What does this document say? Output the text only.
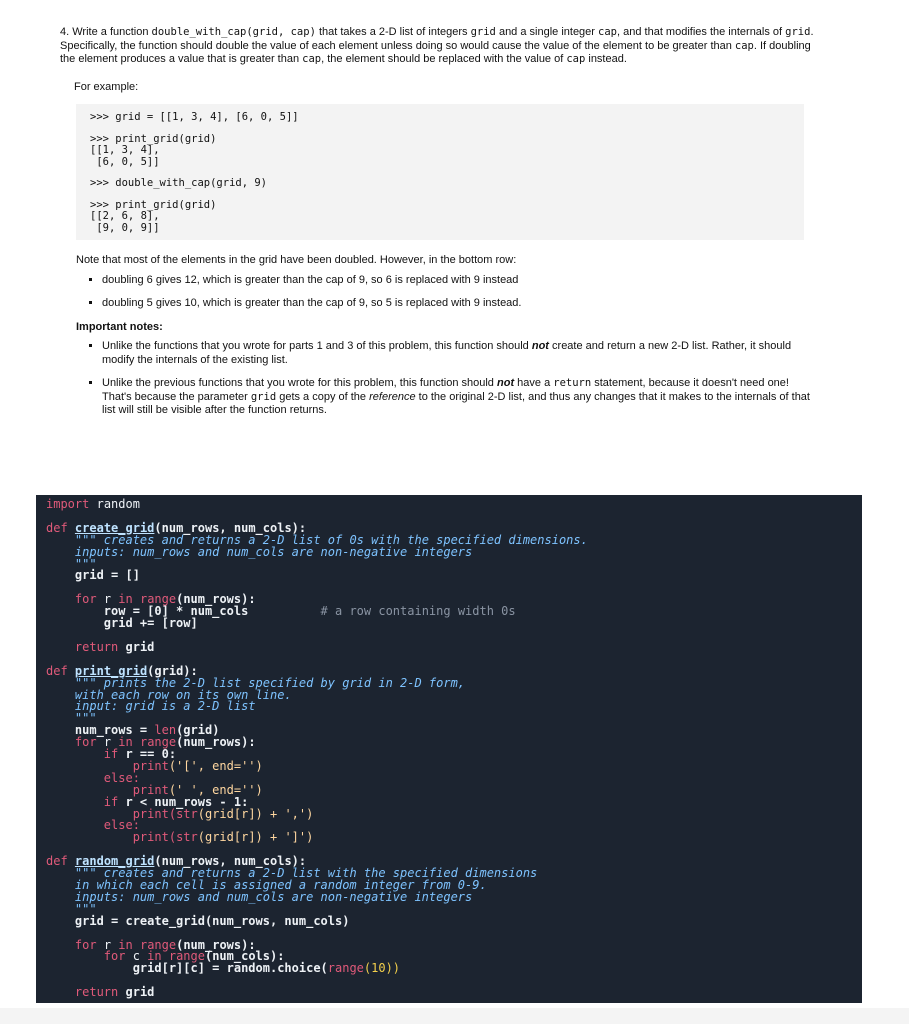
4. Write a function double_with_cap(grid, cap) that takes a 2-D list of integers grid and a single integer cap, and that modifies the internals of grid. Specifically, the function should double the value of each element unless doing so would cause the value of the element to be greater than cap. If doubling the element produces a value that is greater than cap, the element should be replaced with the value of cap instead.

For example:
>>> grid = [[1, 3, 4], [6, 0, 5]]
>>> print_grid(grid)
[[1, 3, 4],
[6, 0, 5]]
>>> double_with_cap(grid, 9)
>>> print_grid(grid)
[[2, 6, 8],
[9, 0, 9]]
Note that most of the elements in the grid have been doubled. However, in the bottom row:
▪ doubling 6 gives 12, which is greater than the cap of 9, so 6 is replaced with 9 instead
▪ doubling 5 gives 10, which is greater than the cap of 9, so 5 is replaced with 9 instead.
Important notes:
▪ Unlike the functions that you wrote for parts 1 and 3 of this problem, this function should not create and return a new 2-D list. Rather, it should modify the internals of the existing list.
▪ Unlike the previous functions that you wrote for this problem, this function should not have a return statement, because it doesn't need one! That's because the parameter grid gets a copy of the reference to the original 2-D list, and thus any changes that it makes to the internals of that list will still be visible after the function returns.
import random

def create_grid(num_rows, num_cols):
""" creates and returns a 2-D list of 0s with the specified dimensions.
inputs: num_rows and num_cols are non-negative integers
"""
grid = []

for r in range(num_rows):
row = [0] * num_cols	# a row containing width 0s
grid += [row]

return grid

def print_grid(grid):
""" prints the 2-D list specified by grid in 2-D form,
with each row on its own line.
input: grid is a 2-D list
"""
num_rows = len(grid)
for r in range(num_rows):
if r == 0:
print('[', end='')
else:
print(' ', end='')
if r < num_rows - 1:
print(str(grid[r]) + ',')
else:
print(str(grid[r]) + ']')

def random_grid(num_rows, num_cols):
""" creates and returns a 2-D list with the specified dimensions
in which each cell is assigned a random integer from 0-9.
inputs: num_rows and num_cols are non-negative integers
"""
grid = create_grid(num_rows, num_cols)

for r in range(num_rows):
for c in range(num_cols):
grid[r][c] = random.choice(range(10))

return grid
